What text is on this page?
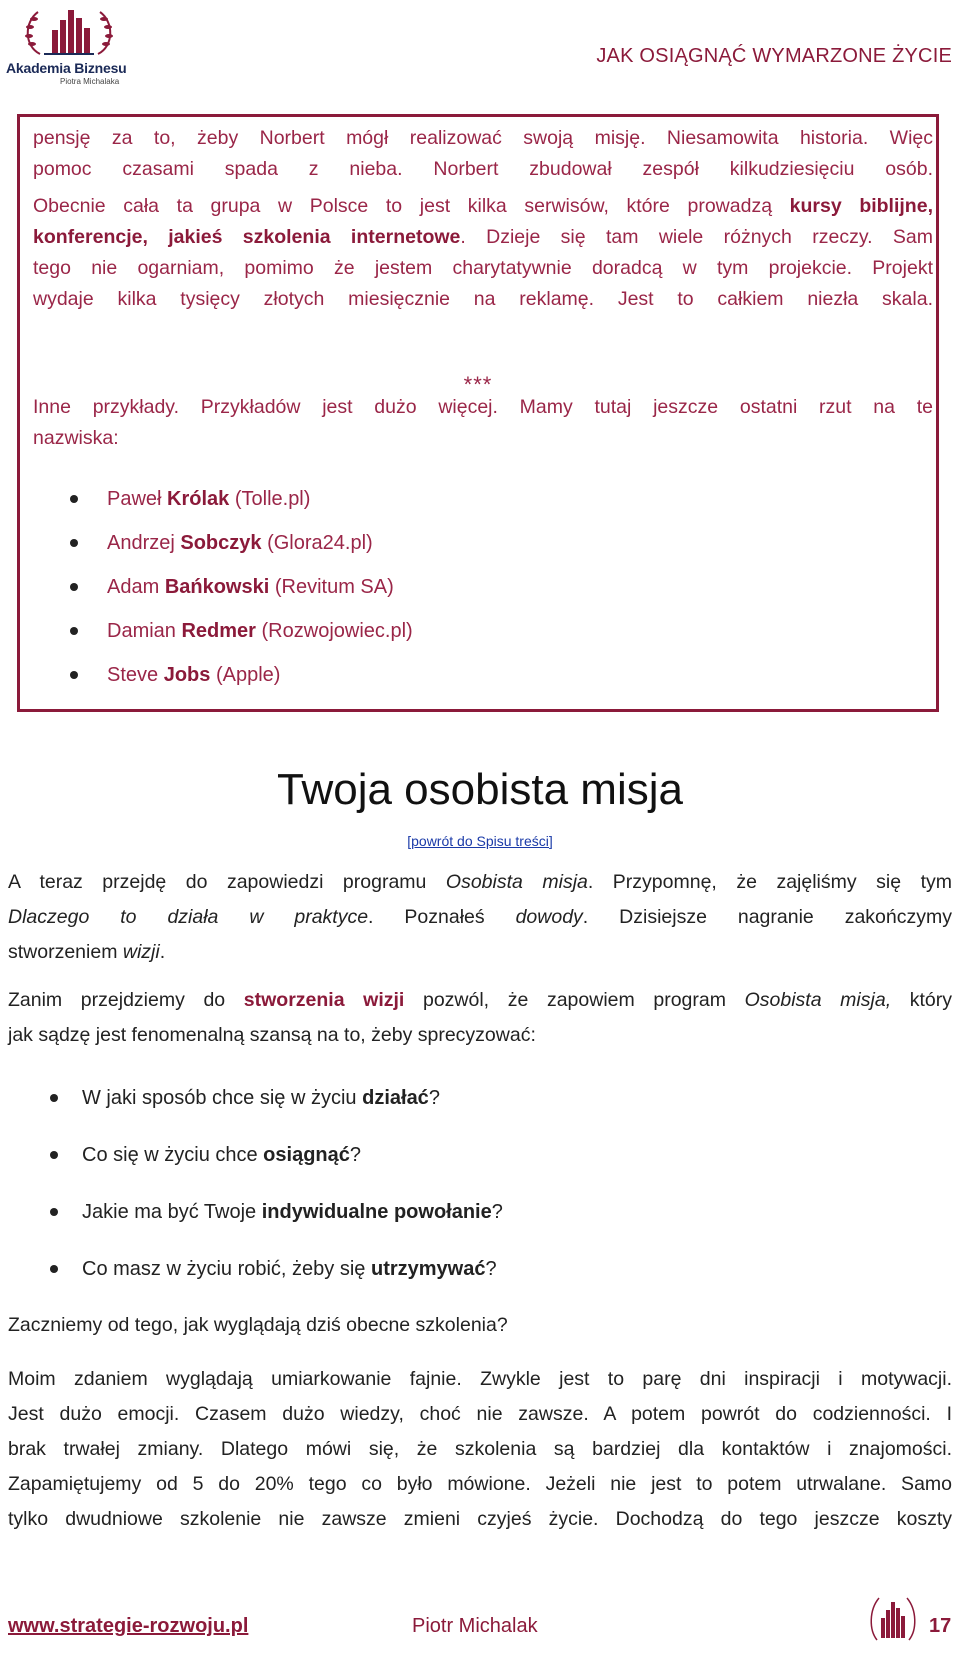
Akademia Biznesu
Piotra Michalaka
JAK OSIĄGNĄĆ WYMARZONE ŻYCIE
pensję za to, żeby Norbert mógł realizować swoją misję. Niesamowita historia. Więc
pomoc czasami spada z nieba. Norbert zbudował zespół kilkudziesięciu osób.
Obecnie cała ta grupa w Polsce to jest kilka serwisów, które prowadzą kursy biblijne,
konferencje, jakieś szkolenia internetowe. Dzieje się tam wiele różnych rzeczy. Sam
tego nie ogarniam, pomimo że jestem charytatywnie doradcą w tym projekcie. Projekt
wydaje kilka tysięcy złotych miesięcznie na reklamę. Jest to całkiem niezła skala.
***
Inne przykłady. Przykładów jest dużo więcej. Mamy tutaj jeszcze ostatni rzut na te
nazwiska:
Paweł Królak (Tolle.pl)
Andrzej Sobczyk (Glora24.pl)
Adam Bańkowski (Revitum SA)
Damian Redmer (Rozwojowiec.pl)
Steve Jobs (Apple)
Twoja osobista misja
[powrót do Spisu treści]
A teraz przejdę do zapowiedzi programu Osobista misja. Przypomnę, że zajęliśmy się tym
Dlaczego to działa w praktyce. Poznałeś dowody. Dzisiejsze nagranie zakończymy
stworzeniem wizji.
Zanim przejdziemy do stworzenia wizji pozwól, że zapowiem program Osobista misja, który
jak sądzę jest fenomenalną szansą na to, żeby sprecyzować:
W jaki sposób chce się w życiu działać?
Co się w życiu chce osiągnąć?
Jakie ma być Twoje indywidualne powołanie?
Co masz w życiu robić, żeby się utrzymywać?
Zaczniemy od tego, jak wyglądają dziś obecne szkolenia?
Moim zdaniem wyglądają umiarkowanie fajnie. Zwykle jest to parę dni inspiracji i motywacji.
Jest dużo emocji. Czasem dużo wiedzy, choć nie zawsze. A potem powrót do codzienności. I
brak trwałej zmiany. Dlatego mówi się, że szkolenia są bardziej dla kontaktów i znajomości.
Zapamiętujemy od 5 do 20% tego co było mówione. Jeżeli nie jest to potem utrwalane. Samo
tylko dwudniowe szkolenie nie zawsze zmieni czyjeś życie. Dochodzą do tego jeszcze koszty
www.strategie-rozwoju.pl	Piotr Michalak	17
